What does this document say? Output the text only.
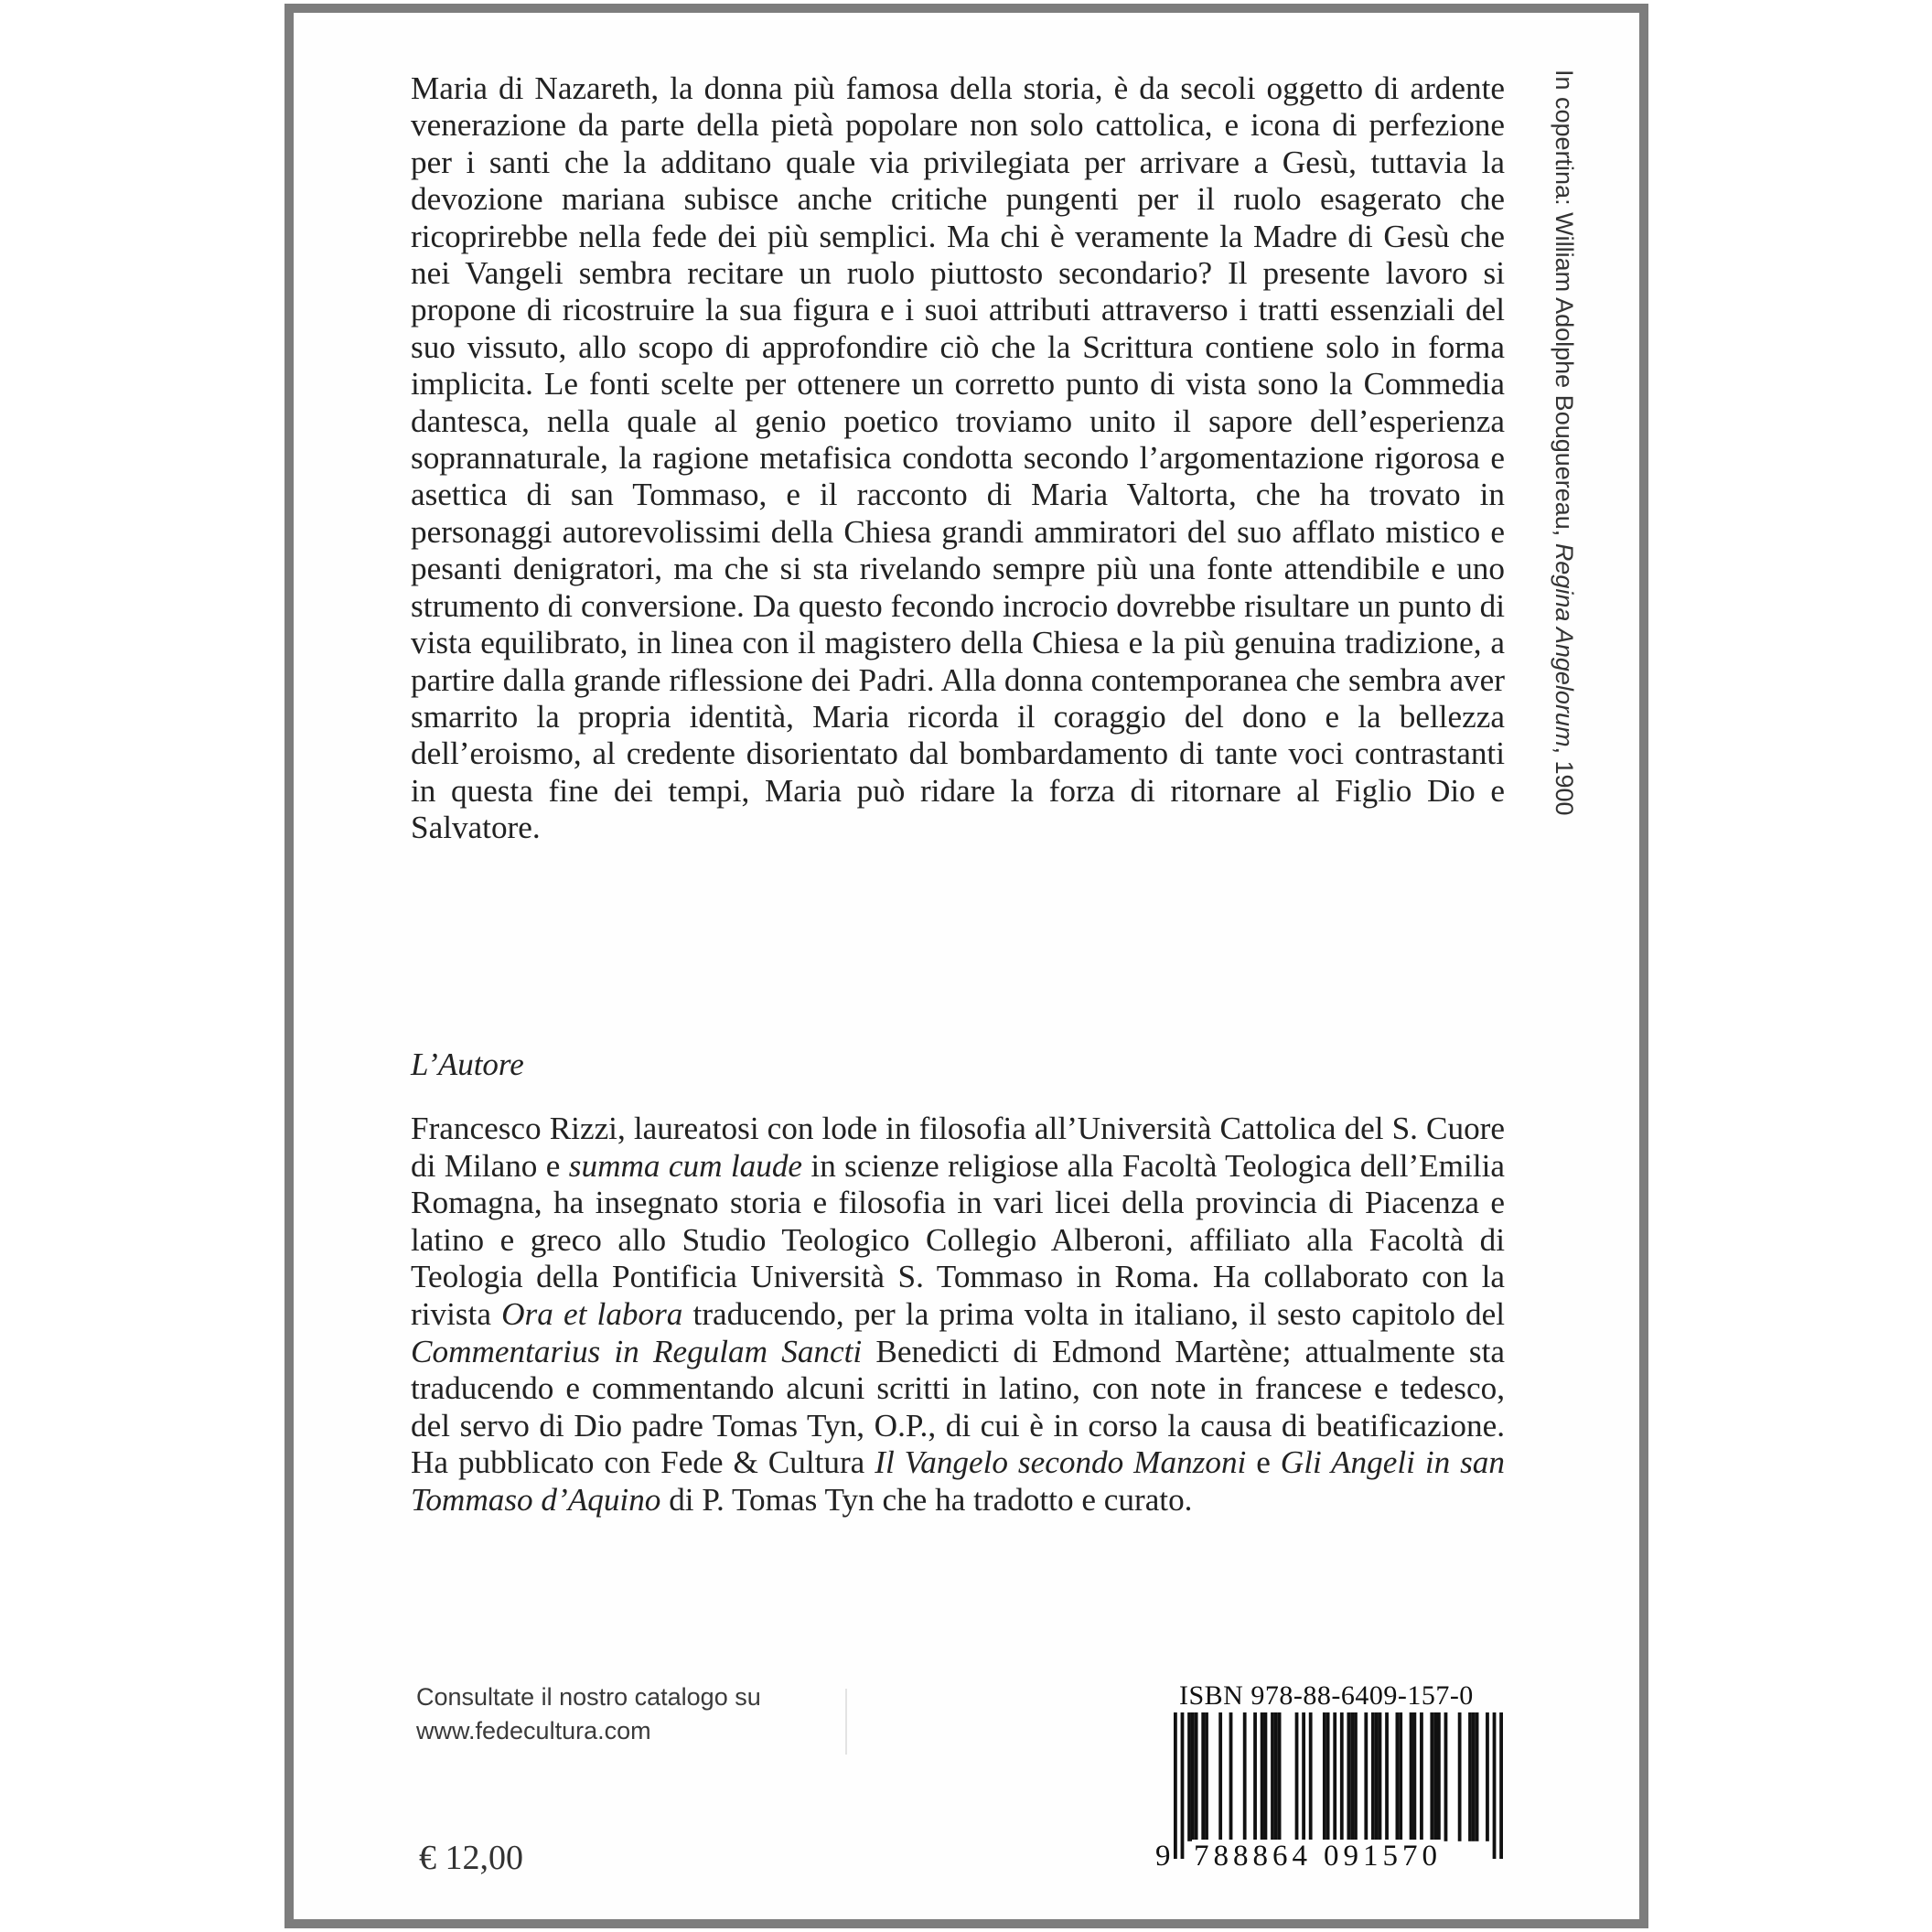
Maria di Nazareth, la donna più famosa della storia, è da secoli oggetto di ardente venerazione da parte della pietà popolare non solo cattolica, e icona di perfezione per i santi che la additano quale via privilegiata per arrivare a Gesù, tuttavia la devozione mariana subisce anche critiche pungenti per il ruolo esagerato che ricoprirebbe nella fede dei più semplici. Ma chi è veramente la Madre di Gesù che nei Vangeli sembra recitare un ruolo piuttosto secondario? Il presente lavoro si propone di ricostruire la sua figura e i suoi attributi attraverso i tratti essenziali del suo vissuto, allo scopo di approfondire ciò che la Scrittura contiene solo in forma implicita. Le fonti scelte per ottenere un corretto punto di vista sono la Commedia dantesca, nella quale al genio poetico troviamo unito il sapore dell’esperienza soprannaturale, la ragione metafisica condotta secondo l’argomentazione rigorosa e asettica di san Tommaso, e il racconto di Maria Valtorta, che ha trovato in personaggi autorevolissimi della Chiesa grandi ammiratori del suo afflato mistico e pesanti denigratori, ma che si sta rivelando sempre più una fonte attendibile e uno strumento di conversione. Da questo fecondo incrocio dovrebbe risultare un punto di vista equilibrato, in linea con il magistero della Chiesa e la più genuina tradizione, a partire dalla grande riflessione dei Padri. Alla donna contemporanea che sembra aver smarrito la propria identità, Maria ricorda il coraggio del dono e la bellezza dell’eroismo, al credente disorientato dal bombardamento di tante voci contrastanti in questa fine dei tempi, Maria può ridare la forza di ritornare al Figlio Dio e Salvatore.

In copertina: William Adolphe Bouguereau, Regina Angelorum, 1900
L’Autore

Francesco Rizzi, laureatosi con lode in filosofia all’Università Cattolica del S. Cuore di Milano e summa cum laude in scienze religiose alla Facoltà Teologica dell’Emilia Romagna, ha insegnato storia e filosofia in vari licei della provincia di Piacenza e latino e greco allo Studio Teologico Collegio Alberoni, affiliato alla Facoltà di Teologia della Pontificia Università S. Tommaso in Roma. Ha collaborato con la rivista Ora et labora traducendo, per la prima volta in italiano, il sesto capitolo del Commentarius in Regulam Sancti Benedicti di Edmond Martène; attualmente sta traducendo e commentando alcuni scritti in latino, con note in francese e tedesco, del servo di Dio padre Tomas Tyn, O.P., di cui è in corso la causa di beatificazione. Ha pubblicato con Fede & Cultura Il Vangelo secondo Manzoni e Gli Angeli in san Tommaso d’Aquino di P. Tomas Tyn che ha tradotto e curato.

Consultate il nostro catalogo su
www.fedecultura.com
€ 12,00
ISBN 978-88-6409-157-0
9 788864 091570
